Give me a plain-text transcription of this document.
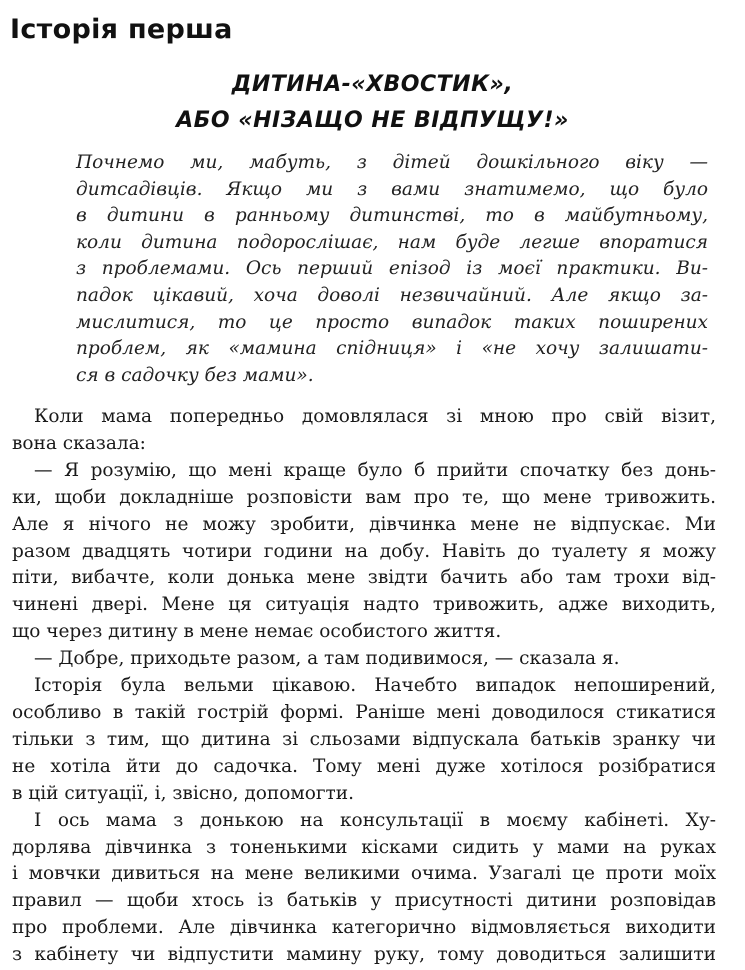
Історія перша
ДИТИНА-«ХВОСТИК»,
АБО «НІЗАЩО НЕ ВІДПУЩУ!»
Почнемо ми, мабуть, з дітей дошкільного віку —
дитсадівців. Якщо ми з вами знатимемо, що було
в дитини в ранньому дитинстві, то в майбутньому,
коли дитина подорослішає, нам буде легше впоратися
з проблемами. Ось перший епізод із моєї практики. Ви-
падок цікавий, хоча доволі незвичайний. Але якщо за-
мислитися, то це просто випадок таких поширених
проблем, як «мамина спідниця» і «не хочу залишати-
ся в садочку без мами».
Коли мама попередньо домовлялася зі мною про свій візит,
вона сказала:
— Я розумію, що мені краще було б прийти спочатку без донь-
ки, щоби докладніше розповісти вам про те, що мене тривожить.
Але я нічого не можу зробити, дівчинка мене не відпускає. Ми
разом двадцять чотири години на добу. Навіть до туалету я можу
піти, вибачте, коли донька мене звідти бачить або там трохи від-
чинені двері. Мене ця ситуація надто тривожить, адже виходить,
що через дитину в мене немає особистого життя.
— Добре, приходьте разом, а там подивимося, — сказала я.
Історія була вельми цікавою. Начебто випадок непоширений,
особливо в такій гострій формі. Раніше мені доводилося стикатися
тільки з тим, що дитина зі сльозами відпускала батьків зранку чи
не хотіла йти до садочка. Тому мені дуже хотілося розібратися
в цій ситуації, і, звісно, допомогти.
І ось мама з донькою на консультації в моєму кабінеті. Ху-
дорлява дівчинка з тоненькими кісками сидить у мами на руках
і мовчки дивиться на мене великими очима. Узагалі це проти моїх
правил — щоби хтось із батьків у присутності дитини розповідав
про проблеми. Але дівчинка категорично відмовляється виходити
з кабінету чи відпустити мамину руку, тому доводиться залишити
